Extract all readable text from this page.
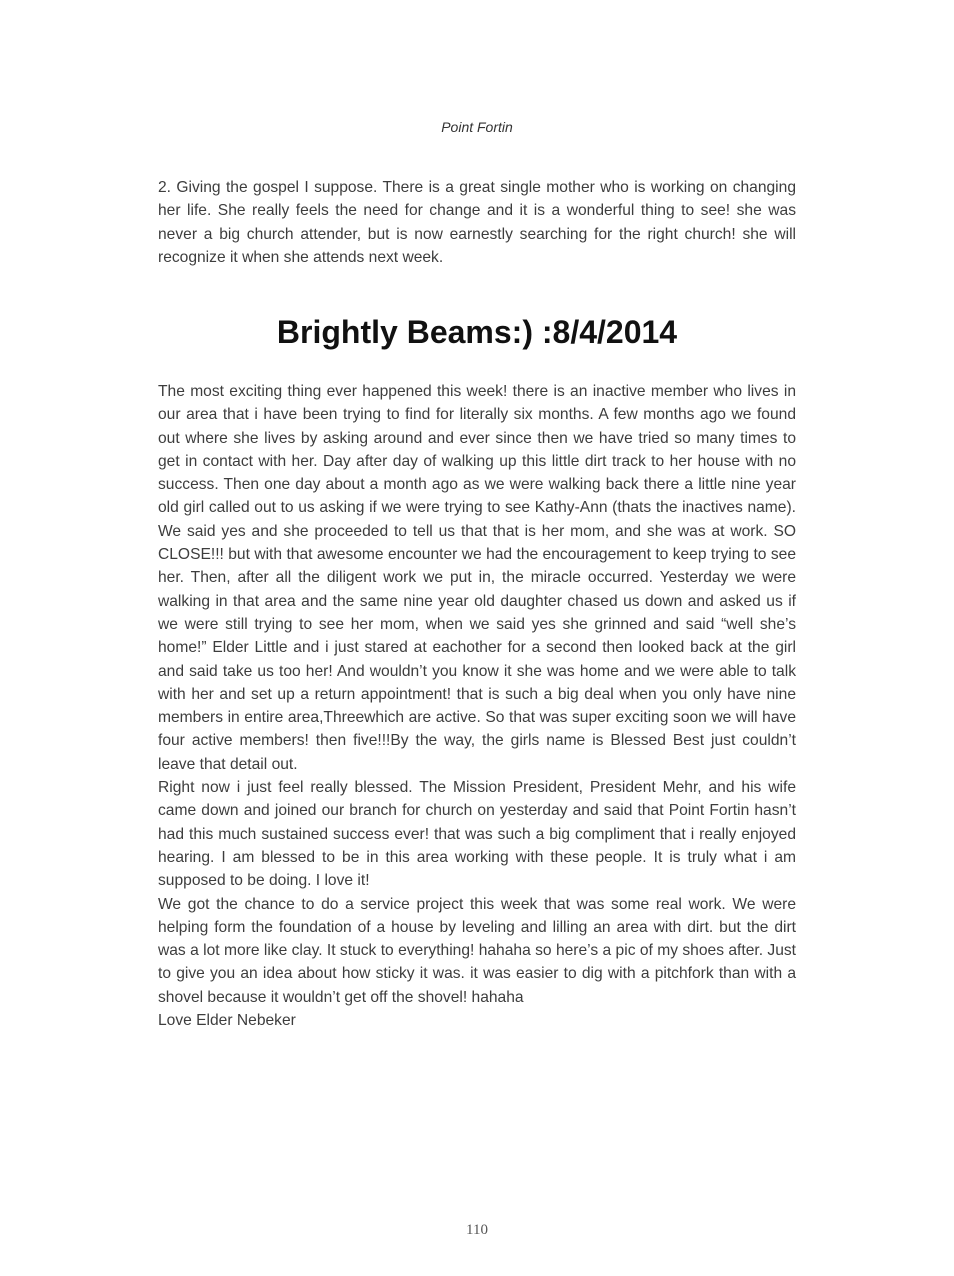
Point Fortin

2. Giving the gospel I suppose. There is a great single mother who is working on changing her life. She really feels the need for change and it is a wonderful thing to see! she was never a big church attender, but is now earnestly searching for the right church! she will recognize it when she attends next week.

Brightly Beams:) :8/4/2014

The most exciting thing ever happened this week! there is an inactive member who lives in our area that i have been trying to find for literally six months. A few months ago we found out where she lives by asking around and ever since then we have tried so many times to get in contact with her. Day after day of walking up this little dirt track to her house with no success. Then one day about a month ago as we were walking back there a little nine year old girl called out to us asking if we were trying to see Kathy-Ann (thats the inactives name). We said yes and she proceeded to tell us that that is her mom, and she was at work. SO CLOSE!!! but with that awesome encounter we had the encouragement to keep trying to see her. Then, after all the diligent work we put in, the miracle occurred. Yesterday we were walking in that area and the same nine year old daughter chased us down and asked us if we were still trying to see her mom, when we said yes she grinned and said “well she’s home!” Elder Little and i just stared at eachother for a second then looked back at the girl and said take us too her! And wouldn’t you know it she was home and we were able to talk with her and set up a return appointment! that is such a big deal when you only have nine members in entire area,Threewhich are active. So that was super exciting soon we will have four active members! then five!!!By the way, the girls name is Blessed Best just couldn’t leave that detail out.

Right now i just feel really blessed. The Mission President, President Mehr, and his wife came down and joined our branch for church on yesterday and said that Point Fortin hasn’t had this much sustained success ever! that was such a big compliment that i really enjoyed hearing. I am blessed to be in this area working with these people. It is truly what i am supposed to be doing. I love it!

We got the chance to do a service project this week that was some real work. We were helping form the foundation of a house by leveling and lilling an area with dirt. but the dirt was a lot more like clay. It stuck to everything! hahaha so here’s a pic of my shoes after. Just to give you an idea about how sticky it was. it was easier to dig with a pitchfork than with a shovel because it wouldn’t get off the shovel! hahaha

Love Elder Nebeker

110
